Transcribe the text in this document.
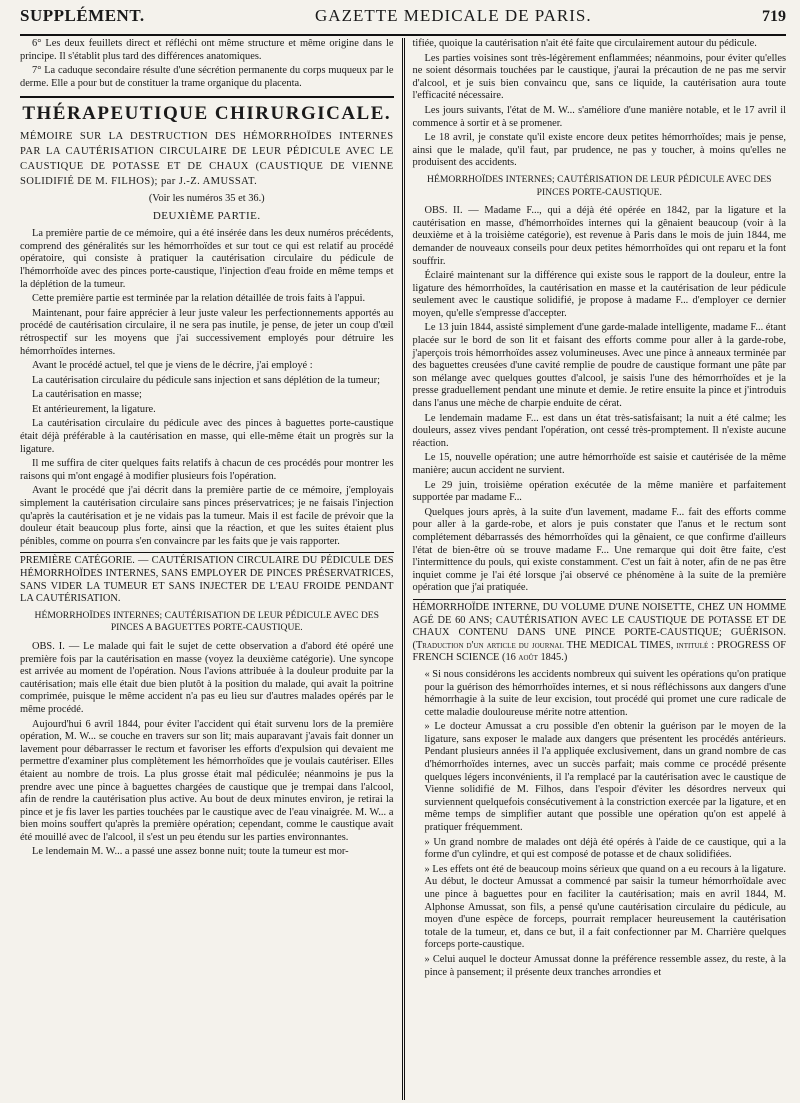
SUPPLÉMENT.	GAZETTE MEDICALE DE PARIS.	719

6° Les deux feuillets direct et réfléchi ont même structure et même origine dans le principe. Il s'établit plus tard des différences anatomiques.

7° La caduque secondaire résulte d'une sécrétion permanente du corps muqueux par le derme. Elle a pour but de constituer la trame organique du placenta.

THÉRAPEUTIQUE CHIRURGICALE.
MÉMOIRE SUR LA DESTRUCTION DES HÉMORRHOÏDES INTERNES PAR LA CAUTÉRISATION CIRCULAIRE DE LEUR PÉDICULE AVEC LE CAUSTIQUE DE POTASSE ET DE CHAUX (CAUSTIQUE DE VIENNE SOLIDIFIÉ DE M. FILHOS); par J.-Z. AMUSSAT.
(Voir les numéros 35 et 36.)
DEUXIÈME PARTIE.

La première partie de ce mémoire, qui a été insérée dans les deux numéros précédents, comprend des généralités sur les hémorrhoïdes et sur tout ce qui est relatif au procédé opératoire, qui consiste à pratiquer la cautérisation circulaire du pédicule de l'hémorrhoïde avec des pinces porte-caustique, l'injection d'eau froide en même temps et la déplétion de la tumeur.

Cette première partie est terminée par la relation détaillée de trois faits à l'appui.

Maintenant, pour faire apprécier à leur juste valeur les perfectionnements apportés au procédé de cautérisation circulaire, il ne sera pas inutile, je pense, de jeter un coup d'œil rétrospectif sur les moyens que j'ai successivement employés pour détruire les hémorrhoïdes internes.

Avant le procédé actuel, tel que je viens de le décrire, j'ai employé :

La cautérisation circulaire du pédicule sans injection et sans déplétion de la tumeur;

La cautérisation en masse;

Et antérieurement, la ligature.

La cautérisation circulaire du pédicule avec des pinces à baguettes porte-caustique était déjà préférable à la cautérisation en masse, qui elle-même était un progrès sur la ligature.

Il me suffira de citer quelques faits relatifs à chacun de ces procédés pour montrer les raisons qui m'ont engagé à modifier plusieurs fois l'opération.

Avant le procédé que j'ai décrit dans la première partie de ce mémoire, j'employais simplement la cautérisation circulaire sans pinces préservatrices; je ne faisais l'injection qu'après la cautérisation et je ne vidais pas la tumeur. Mais il est facile de prévoir que la douleur était beaucoup plus forte, ainsi que la réaction, et que les suites étaient plus pénibles, comme on pourra s'en convaincre par les faits que je vais rapporter.

PREMIÈRE CATÉGORIE. — CAUTÉRISATION CIRCULAIRE DU PÉDICULE DES HÉMORRHOÏDES INTERNES, SANS EMPLOYER DE PINCES PRÉSERVATRICES, SANS VIDER LA TUMEUR ET SANS INJECTER DE L'EAU FROIDE PENDANT LA CAUTÉRISATION.
HÉMORRHOÏDES INTERNES; CAUTÉRISATION DE LEUR PÉDICULE AVEC DES PINCES A BAGUETTES PORTE-CAUSTIQUE.

OBS. I. — Le malade qui fait le sujet de cette observation a d'abord été opéré une première fois par la cautérisation en masse (voyez la deuxième catégorie). Une syncope est arrivée au moment de l'opération. Nous l'avions attribuée à la douleur produite par la cautérisation; mais elle était due bien plutôt à la position du malade, qui avait la poitrine comprimée, puisque le même accident n'a pas eu lieu sur d'autres malades opérés par le même procédé.

Aujourd'hui 6 avril 1844, pour éviter l'accident qui était survenu lors de la première opération, M. W... se couche en travers sur son lit; mais auparavant j'avais fait donner un lavement pour débarrasser le rectum et favoriser les efforts d'expulsion qui devaient me permettre d'examiner plus complètement les hémorrhoïdes que je voulais cautériser. Elles étaient au nombre de trois. La plus grosse était mal pédiculée; néanmoins je pus la prendre avec une pince à baguettes chargées de caustique que je trempai dans l'alcool, afin de rendre la cautérisation plus active. Au bout de deux minutes environ, je retirai la pince et je fis laver les parties touchées par le caustique avec de l'eau vinaigrée. M. W... a bien moins souffert qu'après la première opération; cependant, comme le caustique avait été mouillé avec de l'alcool, il s'est un peu étendu sur les parties environnantes.

Le lendemain M. W... a passé une assez bonne nuit; toute la tumeur est mor-

tifiée, quoique la cautérisation n'ait été faite que circulairement autour du pédicule.

Les parties voisines sont très-légèrement enflammées; néanmoins, pour éviter qu'elles ne soient désormais touchées par le caustique, j'aurai la précaution de ne pas me servir d'alcool, et je suis bien convaincu que, sans ce liquide, la cautérisation aura toute l'efficacité nécessaire.

Les jours suivants, l'état de M. W... s'améliore d'une manière notable, et le 17 avril il commence à sortir et à se promener.

Le 18 avril, je constate qu'il existe encore deux petites hémorrhoïdes; mais je pense, ainsi que le malade, qu'il faut, par prudence, ne pas y toucher, à moins qu'elles ne produisent des accidents.

HÉMORRHOÏDES INTERNES; CAUTÉRISATION DE LEUR PÉDICULE AVEC DES PINCES PORTE-CAUSTIQUE.

OBS. II. — Madame F..., qui a déjà été opérée en 1842, par la ligature et la cautérisation en masse, d'hémorrhoïdes internes qui la gênaient beaucoup (voir à la deuxième et à la troisième catégorie), est revenue à Paris dans le mois de juin 1844, me demander de nouveaux conseils pour deux petites hémorrhoïdes qui ont reparu et la font souffrir.

Éclairé maintenant sur la différence qui existe sous le rapport de la douleur, entre la ligature des hémorrhoïdes, la cautérisation en masse et la cautérisation de leur pédicule seulement avec le caustique solidifié, je propose à madame F... d'employer ce dernier moyen, qu'elle s'empresse d'accepter.

Le 13 juin 1844, assisté simplement d'une garde-malade intelligente, madame F... étant placée sur le bord de son lit et faisant des efforts comme pour aller à la garde-robe, j'aperçois trois hémorrhoïdes assez volumineuses. Avec une pince à anneaux terminée par des baguettes creusées d'une cavité remplie de poudre de caustique formant une pâte par son mélange avec quelques gouttes d'alcool, je saisis l'une des hémorrhoïdes et je la presse graduellement pendant une minute et demie. Je retire ensuite la pince et j'introduis dans l'anus une mèche de charpie enduite de cérat.

Le lendemain madame F... est dans un état très-satisfaisant; la nuit a été calme; les douleurs, assez vives pendant l'opération, ont cessé très-promptement. Il n'existe aucune réaction.

Le 15, nouvelle opération; une autre hémorrhoïde est saisie et cautérisée de la même manière; aucun accident ne survient.

Le 29 juin, troisième opération exécutée de la même manière et parfaitement supportée par madame F...

Quelques jours après, à la suite d'un lavement, madame F... fait des efforts comme pour aller à la garde-robe, et alors je puis constater que l'anus et le rectum sont complétement débarrassés des hémorrhoïdes qui la gênaient, ce que confirme d'ailleurs l'état de bien-être où se trouve madame F... Une remarque qui doit être faite, c'est l'intermittence du pouls, qui existe constamment. C'est un fait à noter, afin de ne pas être inquiet comme je l'ai été lorsque j'ai observé ce phénomène à la suite de la première opération que j'ai pratiquée.

HÉMORRHOÏDE INTERNE, DU VOLUME D'UNE NOISETTE, CHEZ UN HOMME AGÉ DE 60 ANS; CAUTÉRISATION AVEC LE CAUSTIQUE DE POTASSE ET DE CHAUX CONTENU DANS UNE PINCE PORTE-CAUSTIQUE; GUÉRISON. (Traduction d'un article du journal THE MEDICAL TIMES, intitulé : PROGRESS OF FRENCH SCIENCE (16 août 1845.)

« Si nous considérons les accidents nombreux qui suivent les opérations qu'on pratique pour la guérison des hémorrhoïdes internes, et si nous réfléchissons aux dangers d'une hémorrhagie à la suite de leur excision, tout procédé qui promet une cure radicale de cette maladie douloureuse mérite notre attention.

» Le docteur Amussat a cru possible d'en obtenir la guérison par le moyen de la ligature, sans exposer le malade aux dangers que présentent les procédés antérieurs. Pendant plusieurs années il l'a appliquée exclusivement, dans un grand nombre de cas d'hémorrhoïdes internes, avec un succès parfait; mais comme ce procédé présente quelques légers inconvénients, il l'a remplacé par la cautérisation avec le caustique de Vienne solidifié de M. Filhos, dans l'espoir d'éviter les désordres nerveux qui surviennent quelquefois consécutivement à la constriction exercée par la ligature, et en même temps de simplifier autant que possible une opération qu'on est appelé à pratiquer fréquemment.

» Un grand nombre de malades ont déjà été opérés à l'aide de ce caustique, qui a la forme d'un cylindre, et qui est composé de potasse et de chaux solidifiées.

» Les effets ont été de beaucoup moins sérieux que quand on a eu recours à la ligature. Au début, le docteur Amussat a commencé par saisir la tumeur hémorrhoïdale avec une pince à baguettes pour en faciliter la cautérisation; mais en avril 1844, M. Alphonse Amussat, son fils, a pensé qu'une cautérisation circulaire du pédicule, au moyen d'une espèce de forceps, pourrait remplacer heureusement la cautérisation totale de la tumeur, et, dans ce but, il a fait confectionner par M. Charrière quelques forceps porte-caustique.

» Celui auquel le docteur Amussat donne la préférence ressemble assez, du reste, à la pince à pansement; il présente deux tranches arrondies et
